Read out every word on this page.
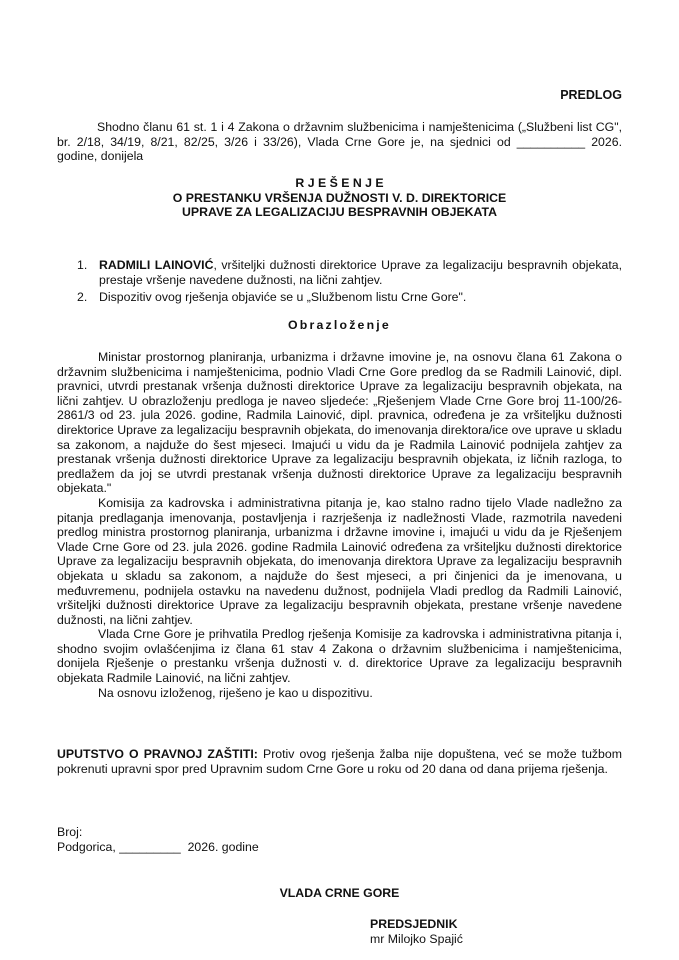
PREDLOG

Shodno članu 61 st. 1 i 4 Zakona o državnim službenicima i namještenicima („Službeni list CG", br. 2/18, 34/19, 8/21, 82/25, 3/26 i 33/26), Vlada Crne Gore je, na sjednici od __________ 2026. godine, donijela

R J E Š E N J E
O PRESTANKU VRŠENJA DUŽNOSTI V. D. DIREKTORICE
UPRAVE ZA LEGALIZACIJU BESPRAVNIH OBJEKATA
1. RADMILI LAINOVIĆ, vršiteljki dužnosti direktorice Uprave za legalizaciju bespravnih objekata, prestaje vršenje navedene dužnosti, na lični zahtjev.
2. Dispozitiv ovog rješenja objaviće se u „Službenom listu Crne Gore".
Obrazloženje

Ministar prostornog planiranja, urbanizma i državne imovine je, na osnovu člana 61 Zakona o državnim službenicima i namještenicima, podnio Vladi Crne Gore predlog da se Radmili Lainović, dipl. pravnici, utvrdi prestanak vršenja dužnosti direktorice Uprave za legalizaciju bespravnih objekata, na lični zahtjev. U obrazloženju predloga je naveo sljedeće: „Rješenjem Vlade Crne Gore broj 11-100/26-2861/3 od 23. jula 2026. godine, Radmila Lainović, dipl. pravnica, određena je za vršiteljku dužnosti direktorice Uprave za legalizaciju bespravnih objekata, do imenovanja direktora/ice ove uprave u skladu sa zakonom, a najduže do šest mjeseci. Imajući u vidu da je Radmila Lainović podnijela zahtjev za prestanak vršenja dužnosti direktorice Uprave za legalizaciju bespravnih objekata, iz ličnih razloga, to predlažem da joj se utvrdi prestanak vršenja dužnosti direktorice Uprave za legalizaciju bespravnih objekata."

Komisija za kadrovska i administrativna pitanja je, kao stalno radno tijelo Vlade nadležno za pitanja predlaganja imenovanja, postavljenja i razrješenja iz nadležnosti Vlade, razmotrila navedeni predlog ministra prostornog planiranja, urbanizma i državne imovine i, imajući u vidu da je Rješenjem Vlade Crne Gore od 23. jula 2026. godine Radmila Lainović određena za vršiteljku dužnosti direktorice Uprave za legalizaciju bespravnih objekata, do imenovanja direktora Uprave za legalizaciju bespravnih objekata u skladu sa zakonom, a najduže do šest mjeseci, a pri činjenici da je imenovana, u međuvremenu, podnijela ostavku na navedenu dužnost, podnijela Vladi predlog da Radmili Lainović, vršiteljki dužnosti direktorice Uprave za legalizaciju bespravnih objekata, prestane vršenje navedene dužnosti, na lični zahtjev.

Vlada Crne Gore je prihvatila Predlog rješenja Komisije za kadrovska i administrativna pitanja i, shodno svojim ovlašćenjima iz člana 61 stav 4 Zakona o državnim službenicima i namještenicima, donijela Rješenje o prestanku vršenja dužnosti v. d. direktorice Uprave za legalizaciju bespravnih objekata Radmile Lainović, na lični zahtjev.

Na osnovu izloženog, riješeno je kao u dispozitivu.

UPUTSTVO O PRAVNOJ ZAŠTITI: Protiv ovog rješenja žalba nije dopuštena, već se može tužbom pokrenuti upravni spor pred Upravnim sudom Crne Gore u roku od 20 dana od dana prijema rješenja.

Broj:
Podgorica, _________  2026. godine
VLADA CRNE GORE
PREDSJEDNIK
mr Milojko Spajić
